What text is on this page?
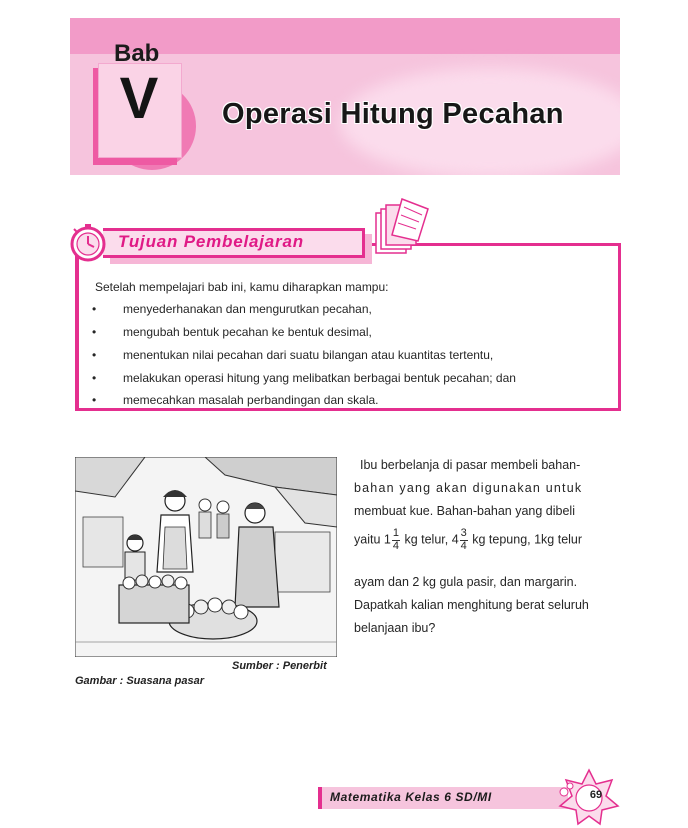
Bab
V Operasi Hitung Pecahan
Tujuan Pembelajaran
Setelah mempelajari bab ini, kamu diharapkan mampu:
• menyederhanakan dan mengurutkan pecahan,
• mengubah bentuk pecahan ke bentuk desimal,
• menentukan nilai pecahan dari suatu bilangan atau kuantitas tertentu,
• melakukan operasi hitung yang melibatkan berbagai bentuk pecahan; dan
• memecahkan masalah perbandingan dan skala.
Sumber : Penerbit
Gambar : Suasana pasar
Ibu berbelanja di pasar membeli bahan-
bahan yang akan digunakan untuk
membuat kue. Bahan-bahan yang dibeli
yaitu $1 \frac{1}{4}$ kg telur, $4 \frac{3}{4}$ kg tepung, 1kg telur
ayam dan 2 kg gula pasir, dan margarin.
Dapatkah kalian menghitung berat seluruh
belanjaan ibu?
Matematika Kelas 6 SD/MI	69
